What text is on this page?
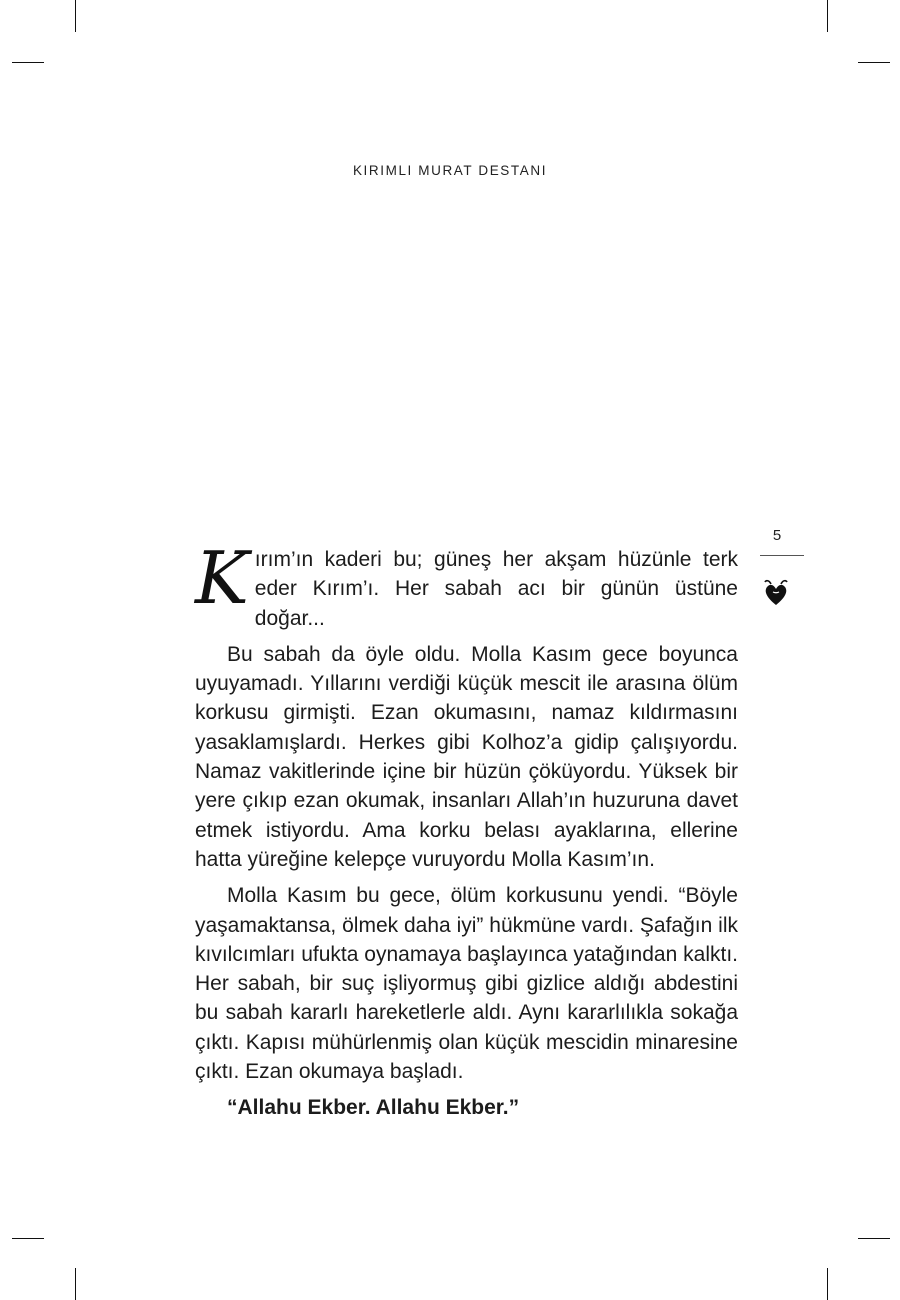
KIRIMLI MURAT DESTANI
5

Kırım’ın kaderi bu; güneş her akşam hüzünle terk eder Kırım’ı. Her sabah acı bir günün üstüne doğar...

Bu sabah da öyle oldu. Molla Kasım gece boyunca uyuyamadı. Yıllarını verdiği küçük mescit ile arasına ölüm korkusu girmişti. Ezan okumasını, namaz kıldırmasını yasaklamışlardı. Herkes gibi Kolhoz’a gidip çalışıyordu. Namaz vakitlerinde içine bir hüzün çöküyordu. Yüksek bir yere çıkıp ezan okumak, insanları Allah’ın huzuruna davet etmek istiyordu. Ama korku belası ayaklarına, ellerine hatta yüreğine kelepçe vuruyordu Molla Kasım’ın.

Molla Kasım bu gece, ölüm korkusunu yendi. “Böyle yaşamaktansa, ölmek daha iyi” hükmüne vardı. Şafağın ilk kıvılcımları ufukta oynamaya başlayınca yatağından kalktı. Her sabah, bir suç işliyormuş gibi gizlice aldığı abdestini bu sabah kararlı hareketlerle aldı. Aynı kararlılıkla sokağa çıktı. Kapısı mühürlenmiş olan küçük mescidin minaresine çıktı. Ezan okumaya başladı.

“Allahu Ekber. Allahu Ekber.”
